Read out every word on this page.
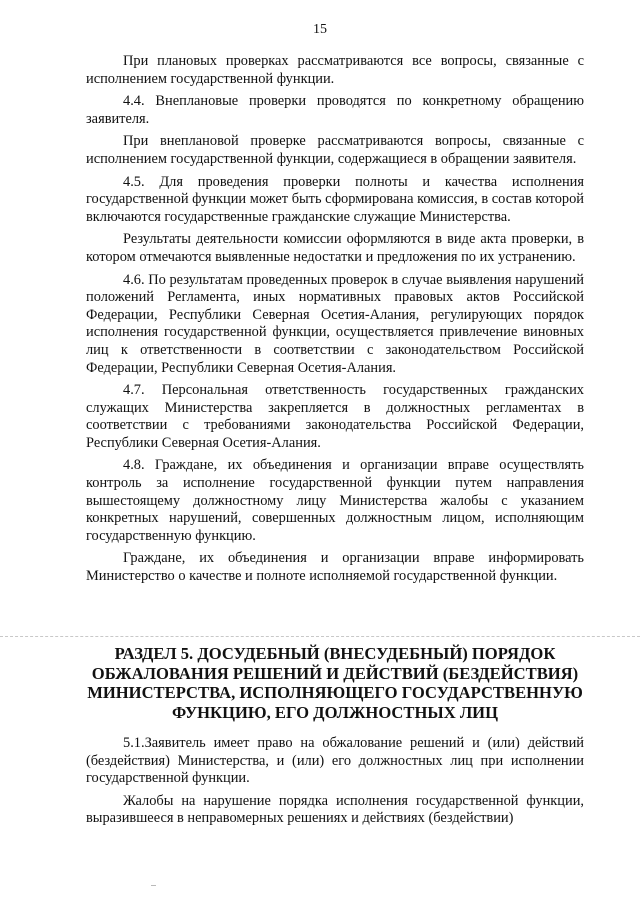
15

При плановых проверках рассматриваются все вопросы, связанные с исполнением государственной функции.

4.4. Внеплановые проверки проводятся по конкретному обращению заявителя.

При внеплановой проверке рассматриваются вопросы, связанные с исполнением государственной функции, содержащиеся в обращении заявителя.

4.5. Для проведения проверки полноты и качества исполнения государственной функции может быть сформирована комиссия, в состав которой включаются государственные гражданские служащие Министерства.

Результаты деятельности комиссии оформляются в виде акта проверки, в котором отмечаются выявленные недостатки и предложения по их устранению.

4.6. По результатам проведенных проверок в случае выявления нарушений положений Регламента, иных нормативных правовых актов Российской Федерации, Республики Северная Осетия-Алания, регулирующих порядок исполнения государственной функции, осуществляется привлечение виновных лиц к ответственности в соответствии с законодательством Российской Федерации, Республики Северная Осетия-Алания.

4.7. Персональная ответственность государственных гражданских служащих Министерства закрепляется в должностных регламентах в соответствии с требованиями законодательства Российской Федерации, Республики Северная Осетия-Алания.

4.8. Граждане, их объединения и организации вправе осуществлять контроль за исполнение государственной функции путем направления вышестоящему должностному лицу Министерства жалобы с указанием конкретных нарушений, совершенных должностным лицом, исполняющим государственную функцию.

Граждане, их объединения и организации вправе информировать Министерство о качестве и полноте исполняемой государственной функции.

РАЗДЕЛ 5. ДОСУДЕБНЫЙ (ВНЕСУДЕБНЫЙ) ПОРЯДОК
ОБЖАЛОВАНИЯ РЕШЕНИЙ И ДЕЙСТВИЙ (БЕЗДЕЙСТВИЯ)
МИНИСТЕРСТВА, ИСПОЛНЯЮЩЕГО ГОСУДАРСТВЕННУЮ
ФУНКЦИЮ, ЕГО ДОЛЖНОСТНЫХ ЛИЦ

5.1.Заявитель имеет право на обжалование решений и (или) действий (бездействия) Министерства, и (или) его должностных лиц при исполнении государственной функции.

Жалобы на нарушение порядка исполнения государственной функции, выразившееся в неправомерных решениях и действиях (бездействии)
